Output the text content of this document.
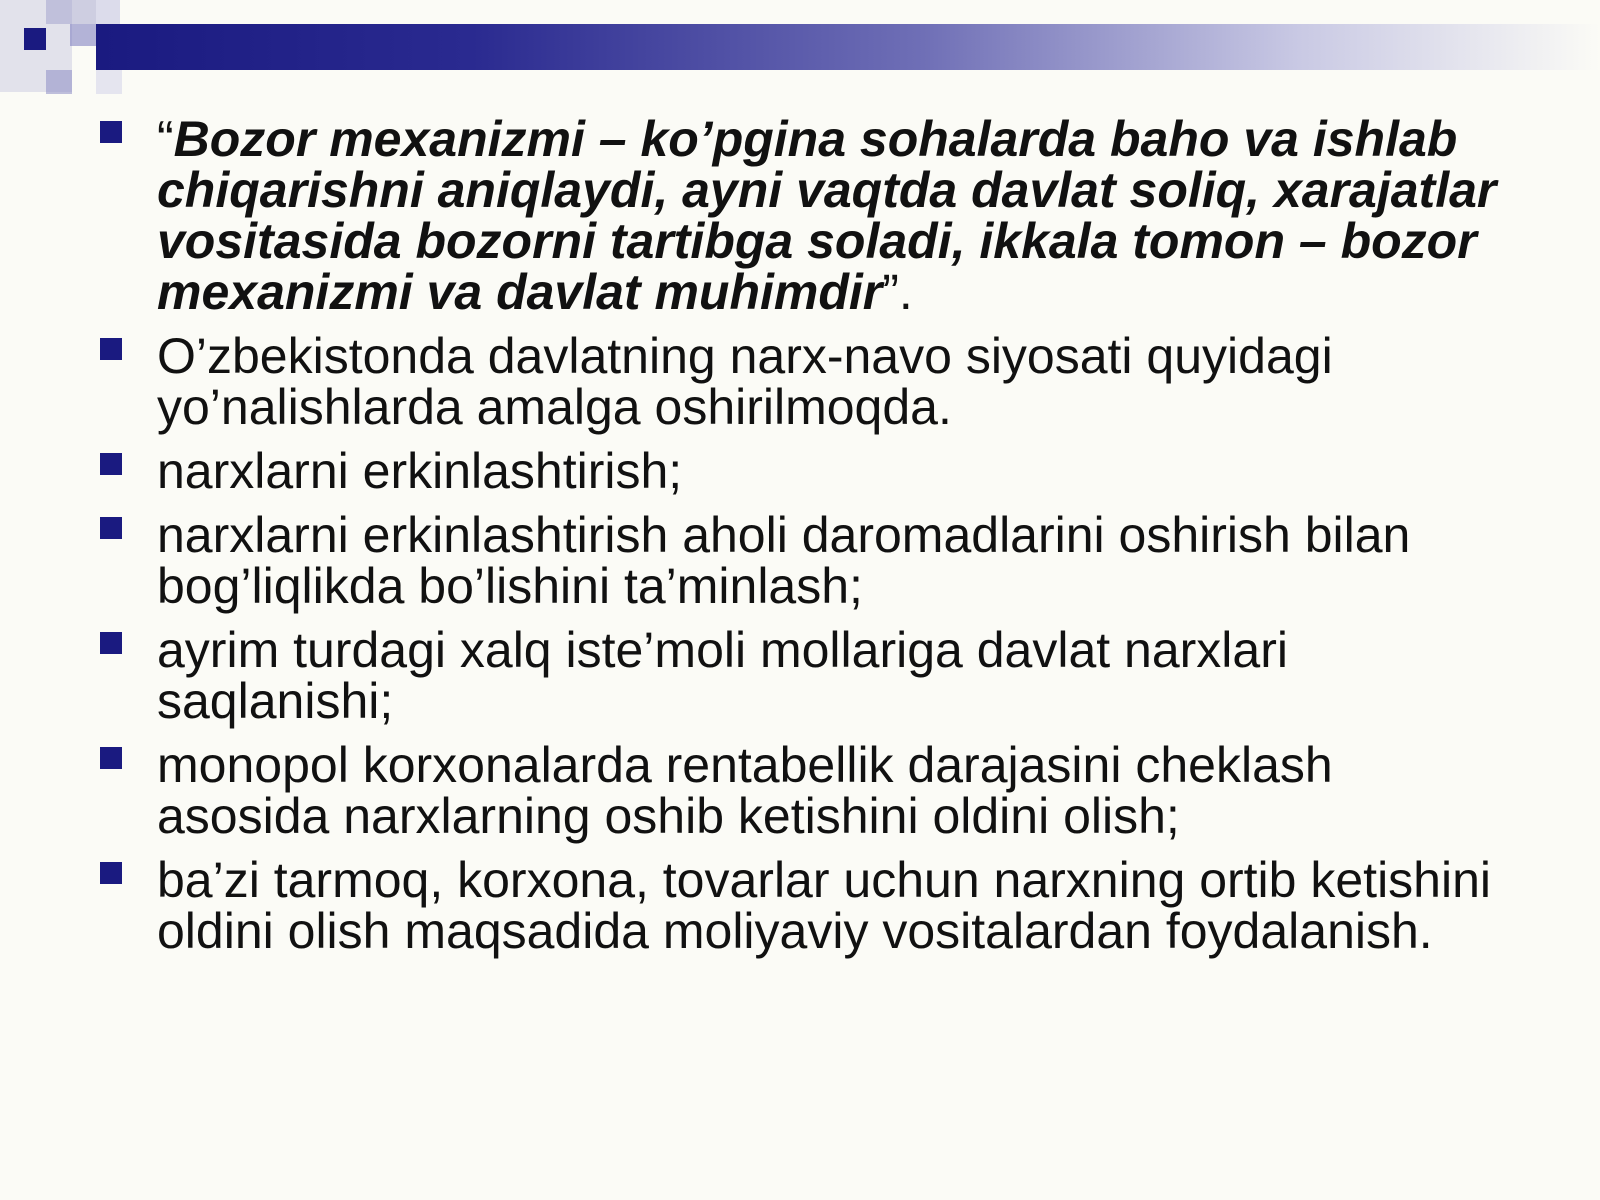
“Bozor mexanizmi – ko’pgina sohalarda baho va ishlab chiqarishni aniqlaydi, ayni vaqtda davlat soliq, xarajatlar vositasida bozorni tartibga soladi, ikkala tomon – bozor mexanizmi va davlat muhimdir”.
O’zbekistonda davlatning narx-navo siyosati quyidagi yo’nalishlarda amalga oshirilmoqda.
narxlarni erkinlashtirish;
narxlarni erkinlashtirish aholi daromadlarini oshirish bilan bog’liqlikda bo’lishini ta’minlash;
ayrim turdagi xalq iste’moli mollariga davlat narxlari saqlanishi;
monopol korxonalarda rentabellik darajasini cheklash asosida narxlarning oshib ketishini oldini olish;
ba’zi tarmoq, korxona, tovarlar uchun narxning ortib ketishini oldini olish maqsadida moliyaviy vositalardan foydalanish.
